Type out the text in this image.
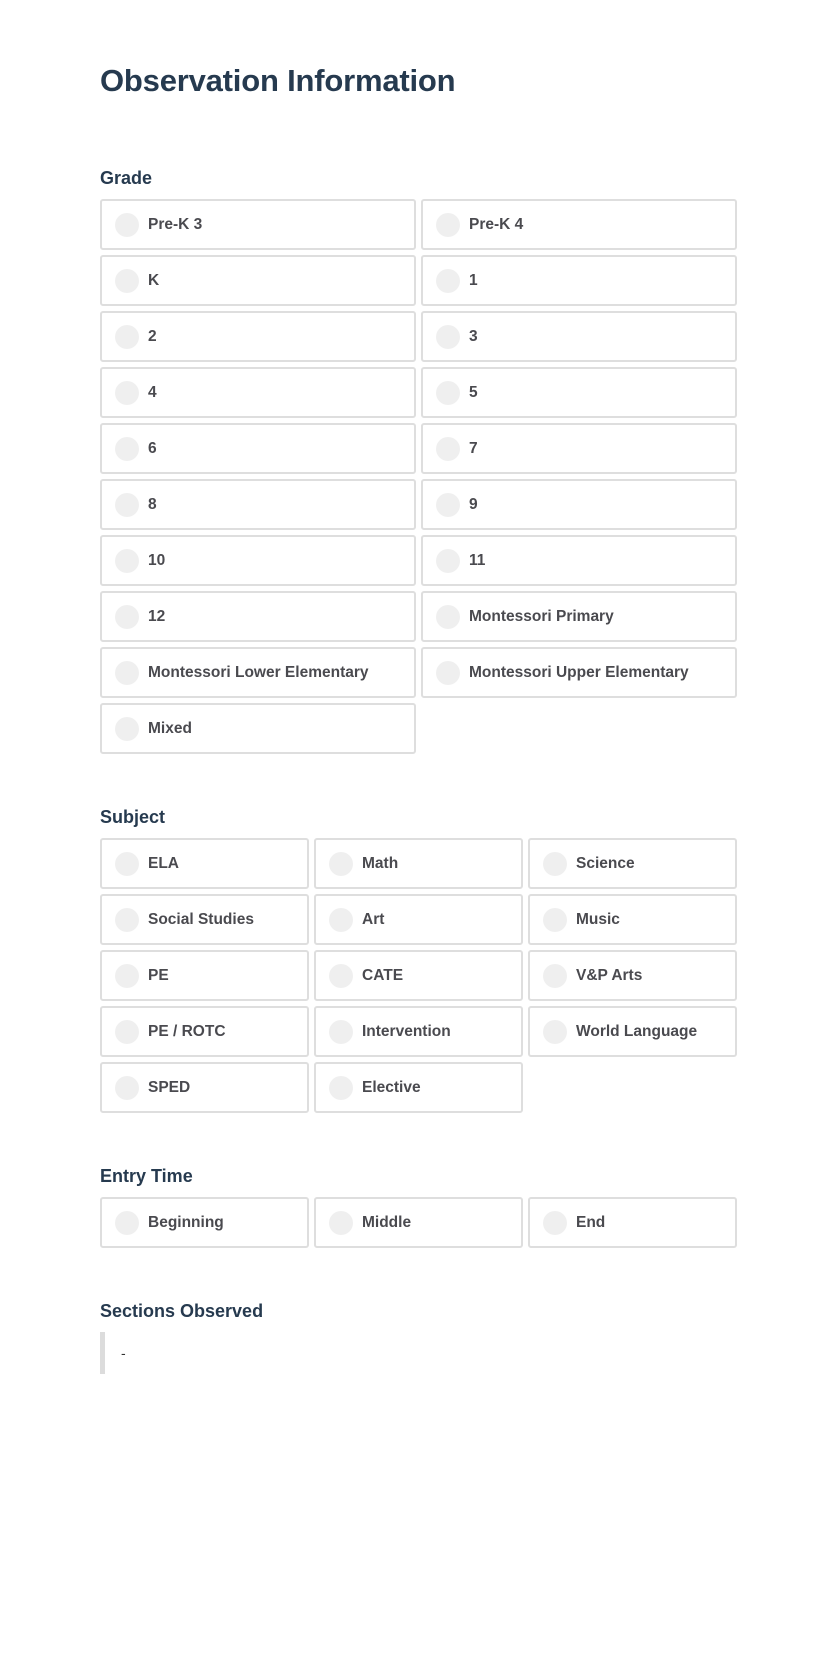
Observation Information
Grade
Pre-K 3	Pre-K 4
K	1
2	3
4	5
6	7
8	9
10	11
12	Montessori Primary
Montessori Lower Elementary	Montessori Upper Elementary
Mixed
Subject
ELA	Math	Science
Social Studies	Art	Music
PE	CATE	V&P Arts
PE / ROTC	Intervention	World Language
SPED	Elective
Entry Time
Beginning	Middle	End
Sections Observed
-
